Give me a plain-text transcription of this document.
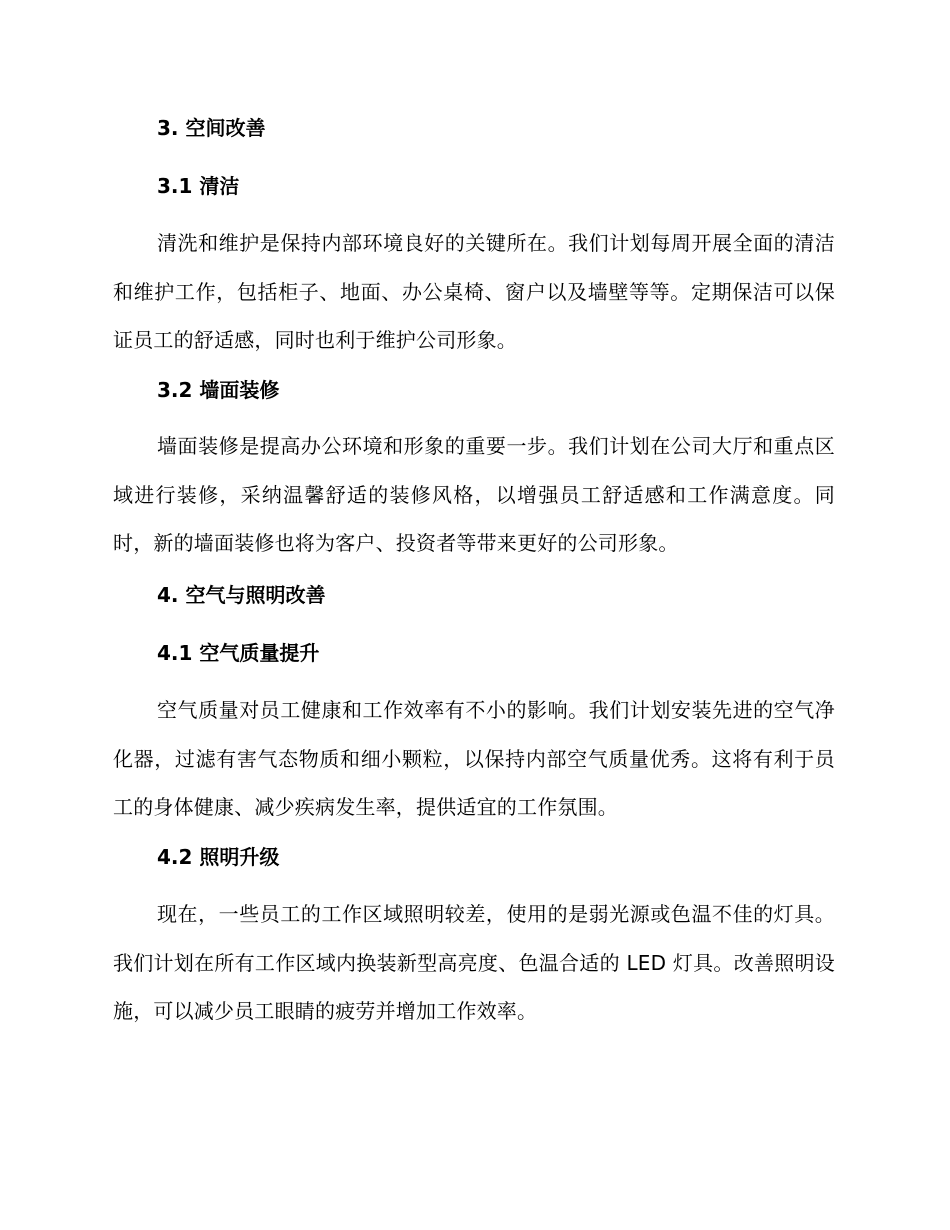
3. 空间改善
3.1 清洁

清洗和维护是保持内部环境良好的关键所在。我们计划每周开展全面的清洁和维护工作，包括柜子、地面、办公桌椅、窗户以及墙壁等等。定期保洁可以保证员工的舒适感，同时也利于维护公司形象。

3.2 墙面装修

墙面装修是提高办公环境和形象的重要一步。我们计划在公司大厅和重点区域进行装修，采纳温馨舒适的装修风格，以增强员工舒适感和工作满意度。同时，新的墙面装修也将为客户、投资者等带来更好的公司形象。

4. 空气与照明改善
4.1 空气质量提升

空气质量对员工健康和工作效率有不小的影响。我们计划安装先进的空气净化器，过滤有害气态物质和细小颗粒，以保持内部空气质量优秀。这将有利于员工的身体健康、减少疾病发生率，提供适宜的工作氛围。

4.2 照明升级

现在，一些员工的工作区域照明较差，使用的是弱光源或色温不佳的灯具。我们计划在所有工作区域内换装新型高亮度、色温合适的 LED 灯具。改善照明设施，可以减少员工眼睛的疲劳并增加工作效率。
